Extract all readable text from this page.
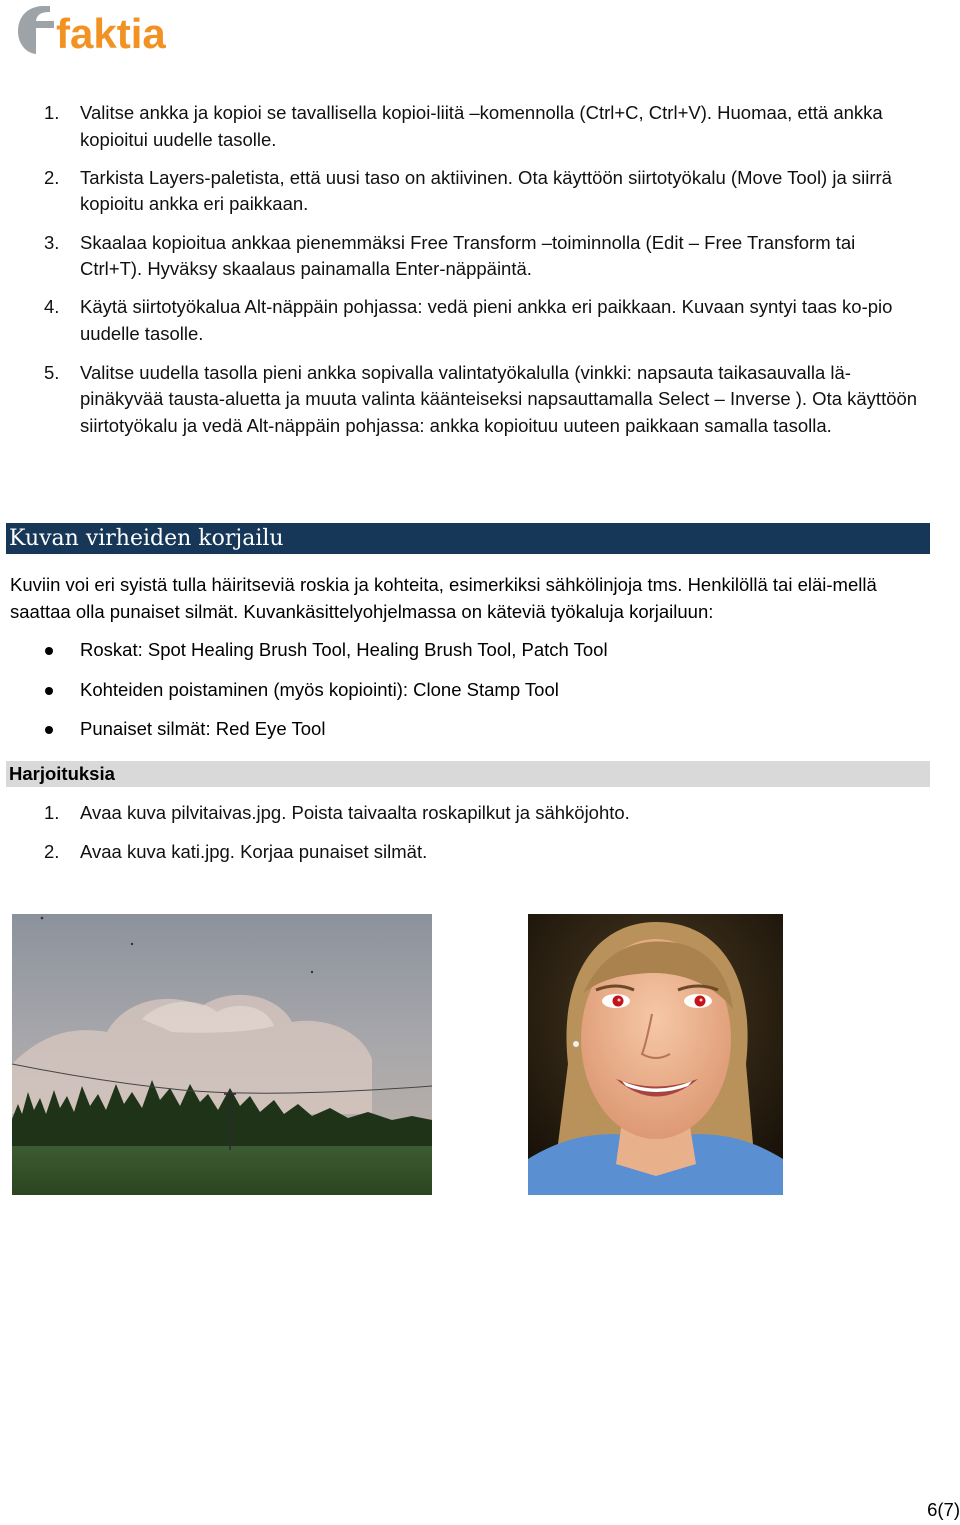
faktia
1. Valitse ankka ja kopioi se tavallisella kopioi-liitä –komennolla (Ctrl+C, Ctrl+V). Huomaa, että ankka kopioitui uudelle tasolle.
2. Tarkista Layers-paletista, että uusi taso on aktiivinen. Ota käyttöön siirtotyökalu (Move Tool) ja siirrä kopioitu ankka eri paikkaan.
3. Skaalaa kopioitua ankkaa pienemmäksi Free Transform –toiminnolla (Edit – Free Transform tai Ctrl+T). Hyväksy skaalaus painamalla Enter-näppäintä.
4. Käytä siirtotyökalua Alt-näppäin pohjassa: vedä pieni ankka eri paikkaan. Kuvaan syntyi taas ko-pio uudelle tasolle.
5. Valitse uudella tasolla pieni ankka sopivalla valintatyökalulla (vinkki: napsauta taikasauvalla lä-pinäkyvää tausta-aluetta ja muuta valinta käänteiseksi napsauttamalla Select – Inverse ). Ota käyttöön siirtotyökalu ja vedä Alt-näppäin pohjassa: ankka kopioituu uuteen paikkaan samalla tasolla.
Kuvan virheiden korjailu
Kuviin voi eri syistä tulla häiritseviä roskia ja kohteita, esimerkiksi sähkölinjoja tms. Henkilöllä tai eläi-mellä saattaa olla punaiset silmät. Kuvankäsittelyohjelmassa on käteviä työkaluja korjailuun:
Roskat: Spot Healing Brush Tool, Healing Brush Tool, Patch Tool
Kohteiden poistaminen (myös kopiointi): Clone Stamp Tool
Punaiset silmät: Red Eye Tool
Harjoituksia
1. Avaa kuva pilvitaivas.jpg. Poista taivaalta roskapilkut ja sähköjohto.
2. Avaa kuva kati.jpg. Korjaa punaiset silmät.
6(7)
